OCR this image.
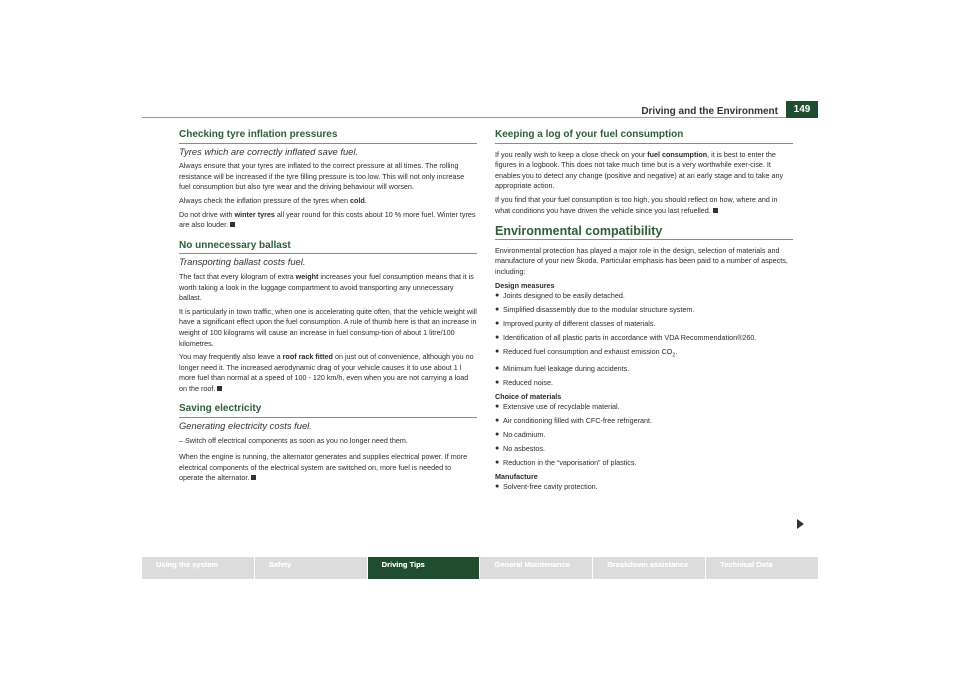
Driving and the Environment	149
Checking tyre inflation pressures
Tyres which are correctly inflated save fuel.

Always ensure that your tyres are inflated to the correct pressure at all times. The rolling resistance will be increased if the tyre filling pressure is too low. This will not only increase fuel consumption but also tyre wear and the driving behaviour will worsen.

Always check the inflation pressure of the tyres when cold.

Do not drive with winter tyres all year round for this costs about 10 % more fuel. Winter tyres are also louder.

No unnecessary ballast
Transporting ballast costs fuel.

The fact that every kilogram of extra weight increases your fuel consumption means that it is worth taking a look in the luggage compartment to avoid transporting any unnecessary ballast.

It is particularly in town traffic, when one is accelerating quite often, that the vehicle weight will have a significant effect upon the fuel consumption. A rule of thumb here is that an increase in weight of 100 kilograms will cause an increase in fuel consump-tion of about 1 litre/100 kilometres.

You may frequently also leave a roof rack fitted on just out of convenience, although you no longer need it. The increased aerodynamic drag of your vehicle causes it to use about 1 l more fuel than normal at a speed of 100 - 120 km/h, even when you are not carrying a load on the roof.

Saving electricity
Generating electricity costs fuel.
– Switch off electrical components as soon as you no longer need them.

When the engine is running, the alternator generates and supplies electrical power. If more electrical components of the electrical system are switched on, more fuel is needed to operate the alternator.

Keeping a log of your fuel consumption

If you really wish to keep a close check on your fuel consumption, it is best to enter the figures in a logbook. This does not take much time but is a very worthwhile exer-cise. It enables you to detect any change (positive and negative) at an early stage and to take any appropriate action.

If you find that your fuel consumption is too high, you should reflect on how, where and in what conditions you have driven the vehicle since you last refuelled.

Environmental compatibility

Environmental protection has played a major role in the design, selection of materials and manufacture of your new Škoda. Particular emphasis has been paid to a number of aspects, including:

Design measures
● Joints designed to be easily detached.
● Simplified disassembly due to the modular structure system.
● Improved purity of different classes of materials.
● Identification of all plastic parts in accordance with VDA Recommendation®260.
● Reduced fuel consumption and exhaust emission $CO_2$.
● Minimum fuel leakage during accidents.
● Reduced noise.
Choice of materials
● Extensive use of recyclable material.
● Air conditioning filled with CFC-free refrigerant.
● No cadmium.
● No asbestos.
● Reduction in the “vaporisation” of plastics.
Manufacture
● Solvent-free cavity protection.
Using the system	Safety	Driving Tips	General Maintenance	Breakdown assistance	Technical Data
